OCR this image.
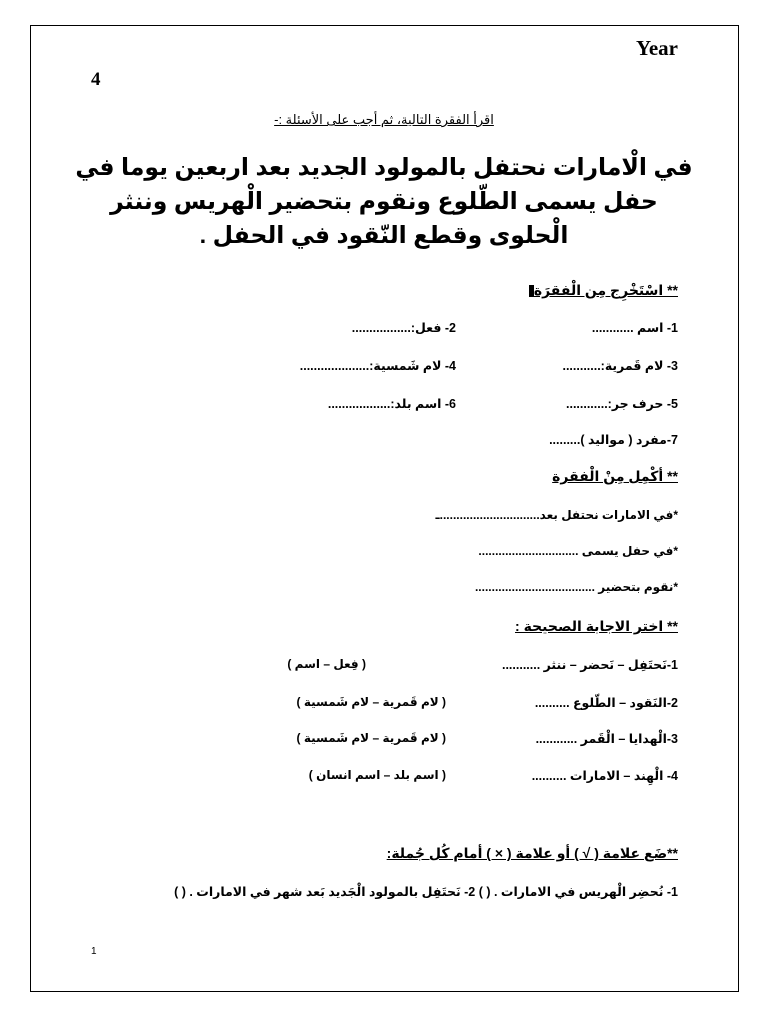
Year
4
اقرأ الفقرة التالية، ثم أجب على الأسئلة :-
في الْامارات نحتفل بالمولود الجديد بعد اربعين يوما في حفل يسمى الطّلوع ونقوم بتحضير الْهريس وننثر الْحلوى وقطع النّقود في الحفل .
** اسْتَخْرِج مِن الْفقرَة
1- اسم ............
2- فعل:.................
3- لام قَمرية:...........
4- لام شَمسية:....................
5- حرف جر:............
6- اسم بلد:..................
7-مفرد ( مواليد ).........
** أكْمِل مِنْ الْفقرة
*في الامارات نحتفل بعد..............................ـ
*في حفل يسمى ..............................
*نقوم بتحضير ....................................
** اختر الاجابة الصحيحة :
1-نَحتَفِل – نَحضر – ننثر ...........
( فِعل – اسم )
2-النَقود – الطّلوع ..........
( لام قَمرية – لام شَمسية )
3-الْهدايا – الْقَمر ............
( لام قَمرية – لام شَمسية )
4- الْهِند – الامارات ..........
( اسم بلد – اسم انسان )
**ضَع علامة ( √ ) أو علامة ( × ) أمام كُل جُملة:
1- نُحضِر الْهريس في الامارات . ( ) 2- نَحتَفِل بالمولود الْجَديد بَعد شهر في الامارات . ( )
1
